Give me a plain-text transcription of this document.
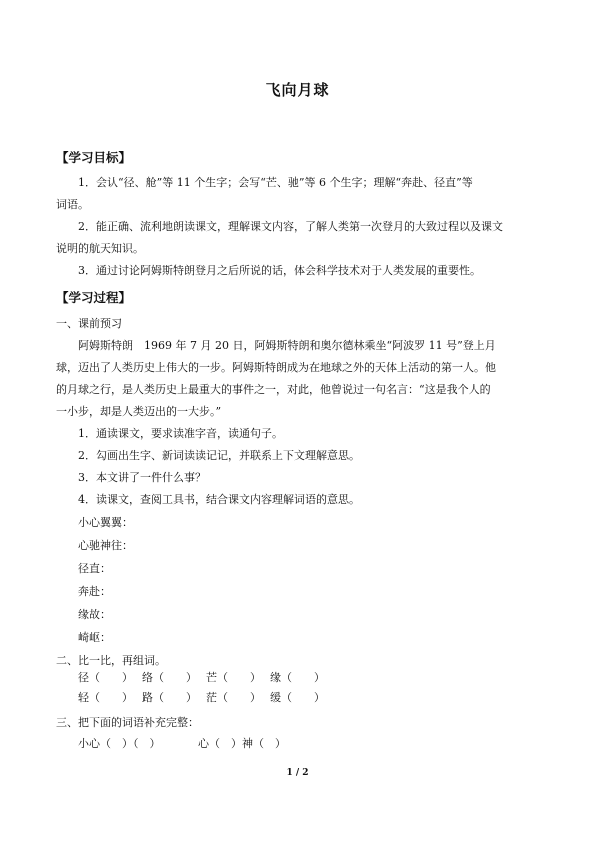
飞向月球
【学习目标】
1．会认“径、舱”等 11 个生字；会写“芒、驰”等 6 个生字；理解“奔赴、径直”等
词语。
2．能正确、流利地朗读课文，理解课文内容，了解人类第一次登月的大致过程以及课文
说明的航天知识。
3．通过讨论阿姆斯特朗登月之后所说的话，体会科学技术对于人类发展的重要性。
【学习过程】
一、课前预习
阿姆斯特朗　1969 年 7 月 20 日，阿姆斯特朗和奥尔德林乘坐“阿波罗 11 号”登上月
球，迈出了人类历史上伟大的一步。阿姆斯特朗成为在地球之外的天体上活动的第一人。他
的月球之行，是人类历史上最重大的事件之一，对此，他曾说过一句名言：“这是我个人的
一小步，却是人类迈出的一大步。”
1．通读课文，要求读准字音，读通句子。
2．勾画出生字、新词读读记记，并联系上下文理解意思。
3．本文讲了一件什么事？
4．读课文，查阅工具书，结合课文内容理解词语的意思。
小心翼翼：
心驰神往：
径直：
奔赴：
缘故：
崎岖：
二、比一比，再组词。
径（　　） 络（　　） 芒（　　） 缘（　　）
轻（　　） 路（　　） 茫（　　） 缓（　　）
三、把下面的词语补充完整：
小心（　）（　）	心（　）神（　）
1 / 2
